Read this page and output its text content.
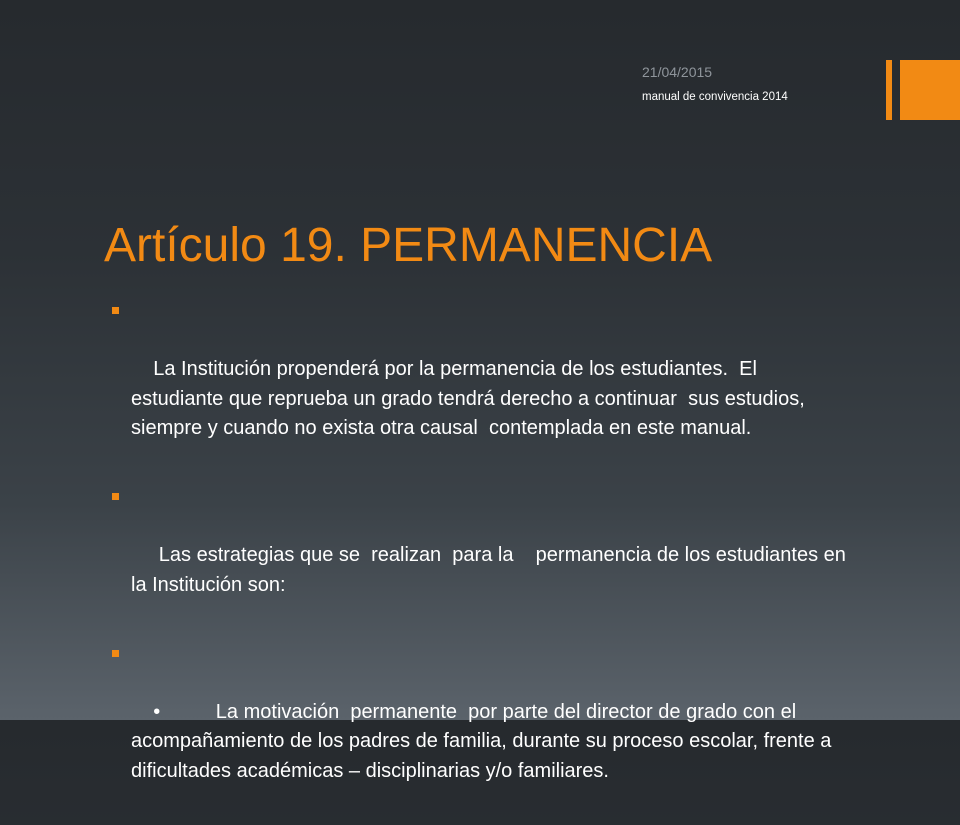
21/04/2015
manual de convivencia 2014
Artículo 19. PERMANENCIA

La Institución propenderá por la permanencia de los estudiantes.  El estudiante que reprueba un grado tendrá derecho a continuar  sus estudios, siempre y cuando no exista otra causal  contemplada en este manual.

Las estrategias que se  realizan  para la    permanencia de los estudiantes en la Institución son:

•          La motivación  permanente  por parte del director de grado con el acompañamiento de los padres de familia, durante su proceso escolar, frente a dificultades académicas – disciplinarias y/o familiares.
